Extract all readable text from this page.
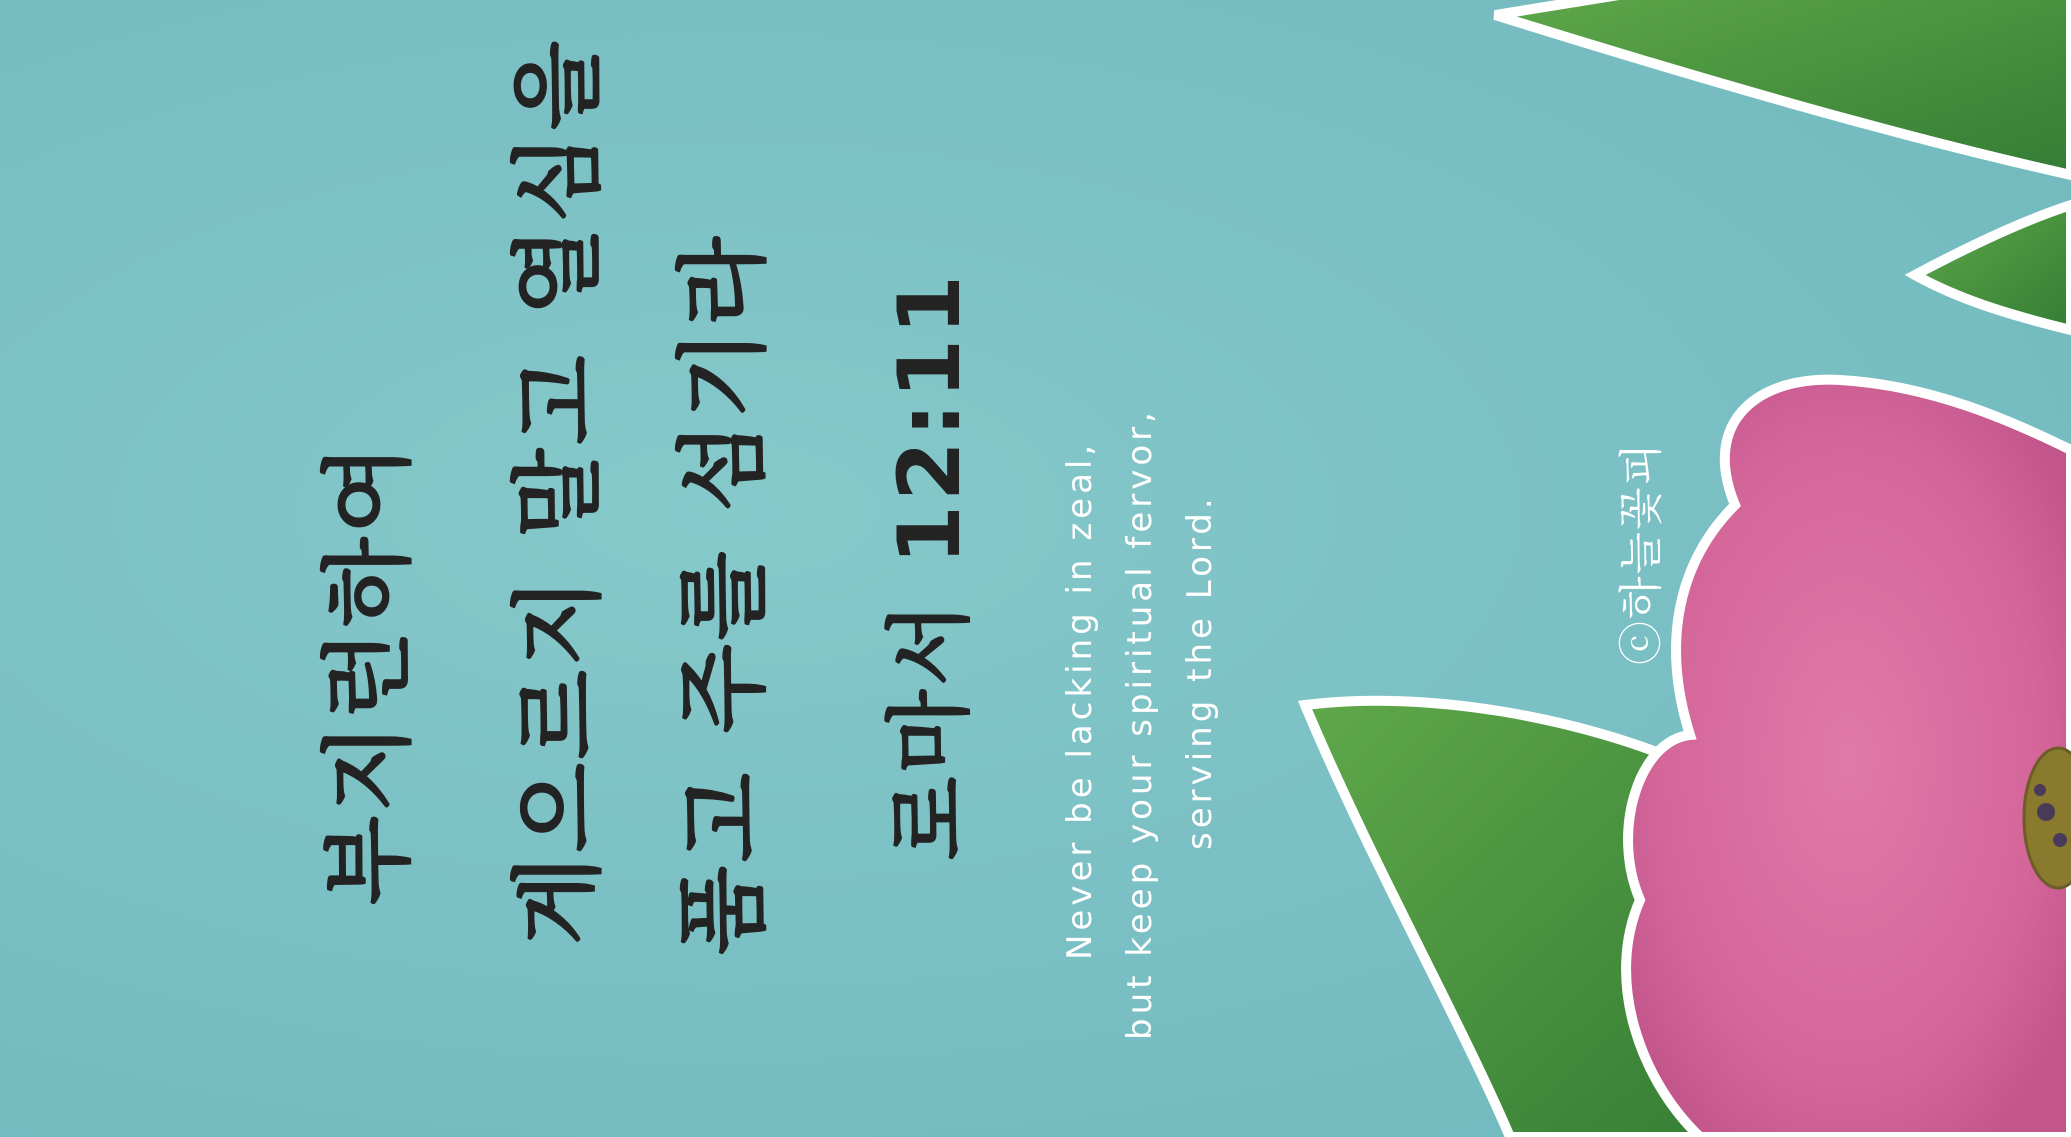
부지런하여 게으르지 말고 열심을 품고 주를 섬기라 로마서 12:11 Never be lacking in zeal, but keep your spiritual fervor, serving the Lord.	ⓒ하늘꽃피
